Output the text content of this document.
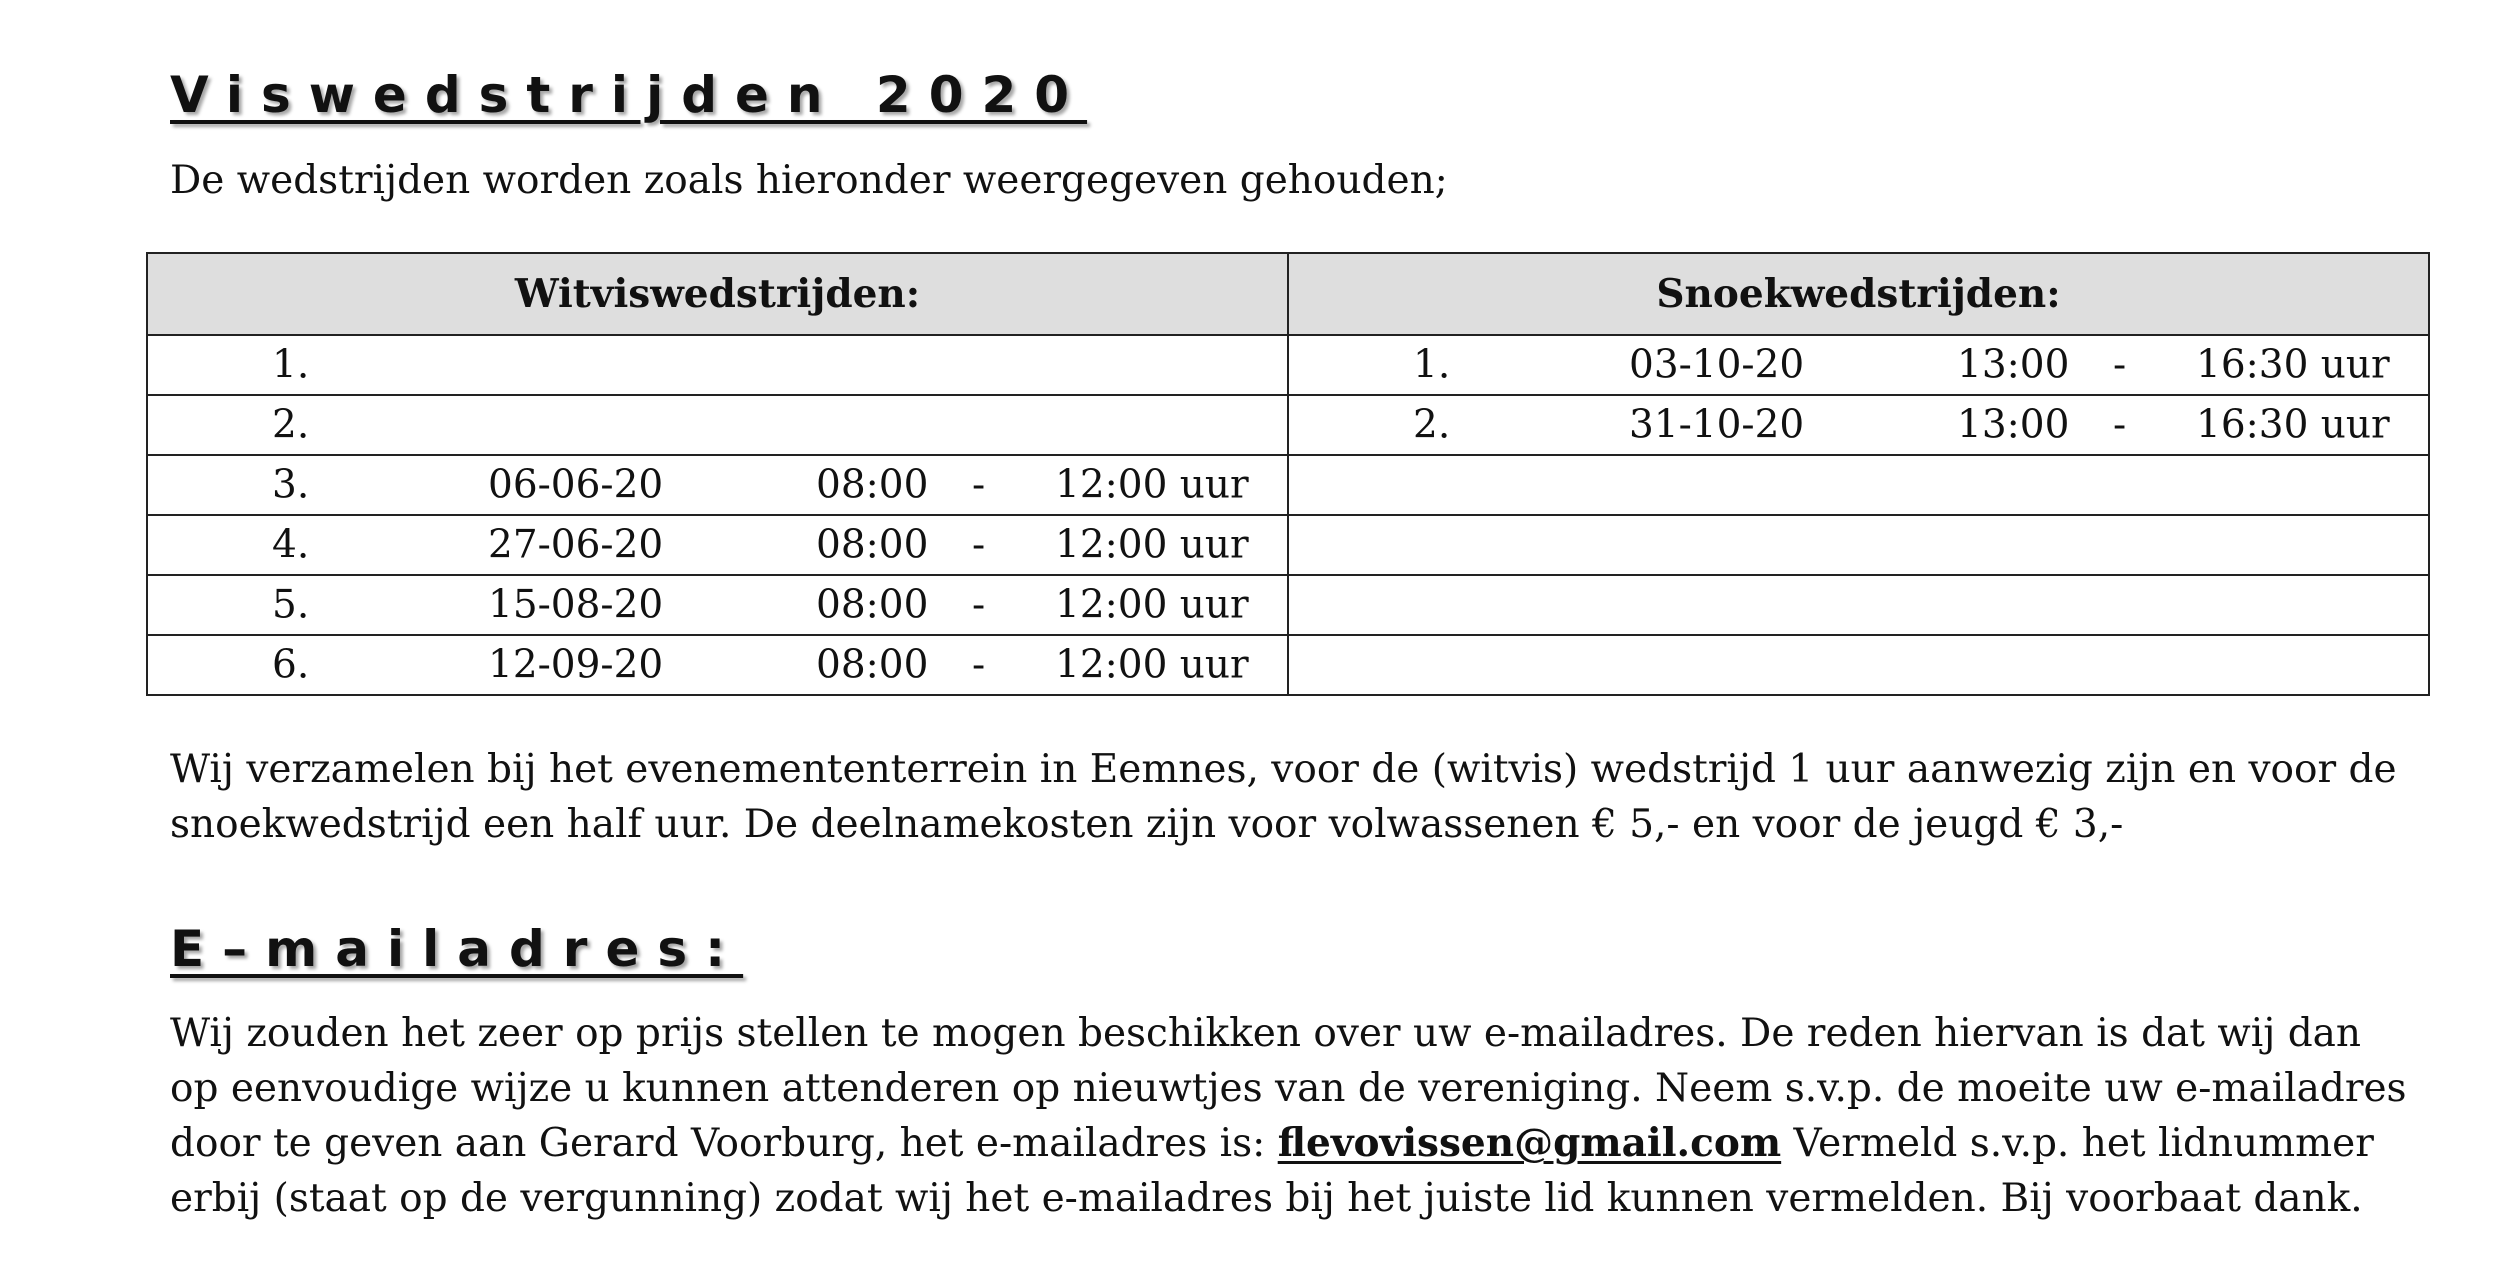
Viswedstrijden 2020
De wedstrijden worden zoals hieronder weergegeven gehouden;
Witviswedstrijden:	Snoekwedstrijden:

1.	1. 03-10-20 13:00 - 16:30 uur

2.	2. 31-10-20 13:00 - 16:30 uur

3. 06-06-20 08:00 - 12:00 uur	

4. 27-06-20 08:00 - 12:00 uur	

5. 15-08-20 08:00 - 12:00 uur	

6. 12-09-20 08:00 - 12:00 uur	

Wij verzamelen bij het evenemententerrein in Eemnes, voor de (witvis) wedstrijd 1 uur aanwezig zijn en voor de snoekwedstrijd een half uur. De deelnamekosten zijn voor volwassenen € 5,- en voor de jeugd € 3,-
E–mailadres:
Wij zouden het zeer op prijs stellen te mogen beschikken over uw e-mailadres. De reden hiervan is dat wij dan op eenvoudige wijze u kunnen attenderen op nieuwtjes van de vereniging. Neem s.v.p. de moeite uw e-mailadres door te geven aan Gerard Voorburg, het e-mailadres is: flevovissen@gmail.com Vermeld s.v.p. het lidnummer erbij (staat op de vergunning) zodat wij het e-mailadres bij het juiste lid kunnen vermelden. Bij voorbaat dank.
